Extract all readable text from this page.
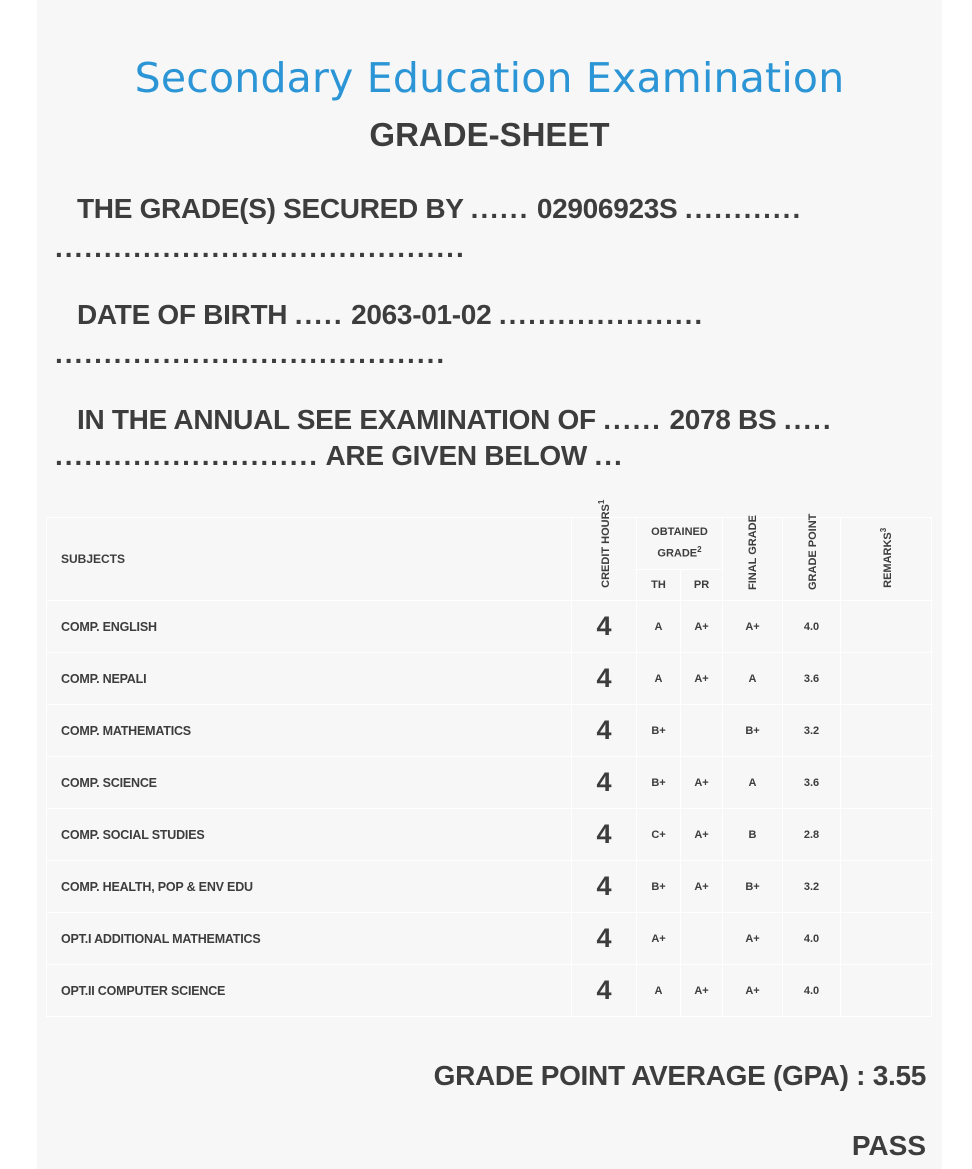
Secondary Education Examination
GRADE-SHEET
THE GRADE(S) SECURED BY ...... 02906923S ............
..........................................
DATE OF BIRTH ..... 2063-01-02 .....................
........................................
IN THE ANNUAL SEE EXAMINATION OF ...... 2078 BS .....
........................... ARE GIVEN BELOW ...
SUBJECTS	CREDIT HOURS$^1$	OBTAINED GRADE$^2$		FINAL GRADE	GRADE POINT	REMARKS$^3$
		TH	PR			
COMP. ENGLISH	4	A	A+	A+	4.0	
COMP. NEPALI	4	A	A+	A	3.6	
COMP. MATHEMATICS	4	B+		B+	3.2	
COMP. SCIENCE	4	B+	A+	A	3.6	
COMP. SOCIAL STUDIES	4	C+	A+	B	2.8	
COMP. HEALTH, POP & ENV EDU	4	B+	A+	B+	3.2	
OPT.I ADDITIONAL MATHEMATICS	4	A+		A+	4.0	
OPT.II COMPUTER SCIENCE	4	A	A+	A+	4.0	
GRADE POINT AVERAGE (GPA) : 3.55
PASS
